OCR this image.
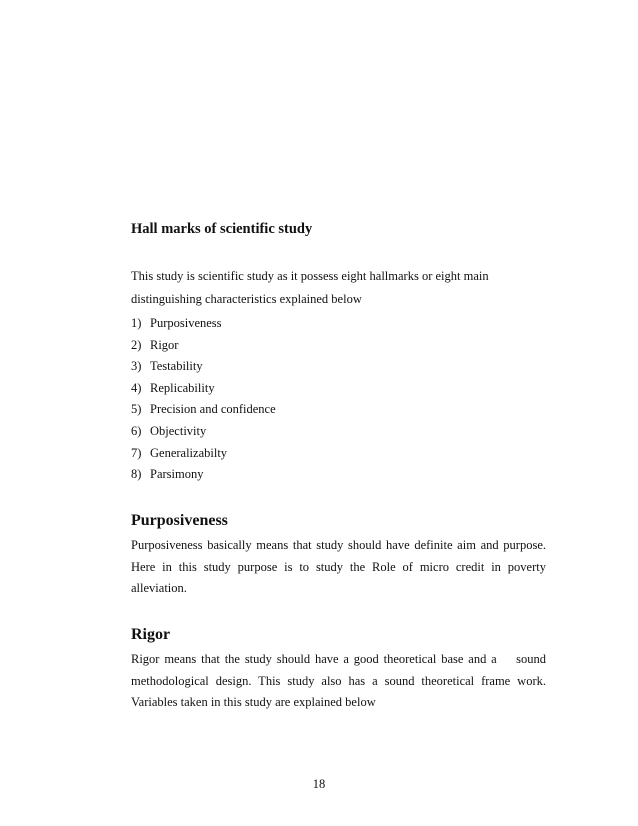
Hall marks of scientific study
This study is scientific study as it possess eight hallmarks or eight main
distinguishing characteristics explained below
1) Purposiveness
2) Rigor
3) Testability
4) Replicability
5) Precision and confidence
6) Objectivity
7) Generalizabilty
8) Parsimony
Purposiveness
Purposiveness basically means that study should have definite aim and purpose.
Here in this study purpose is to study the Role of micro credit in poverty
alleviation.
Rigor
Rigor means that the study should have a good theoretical base and a    sound
methodological design. This study also has a sound theoretical frame work.
Variables taken in this study are explained below
18
